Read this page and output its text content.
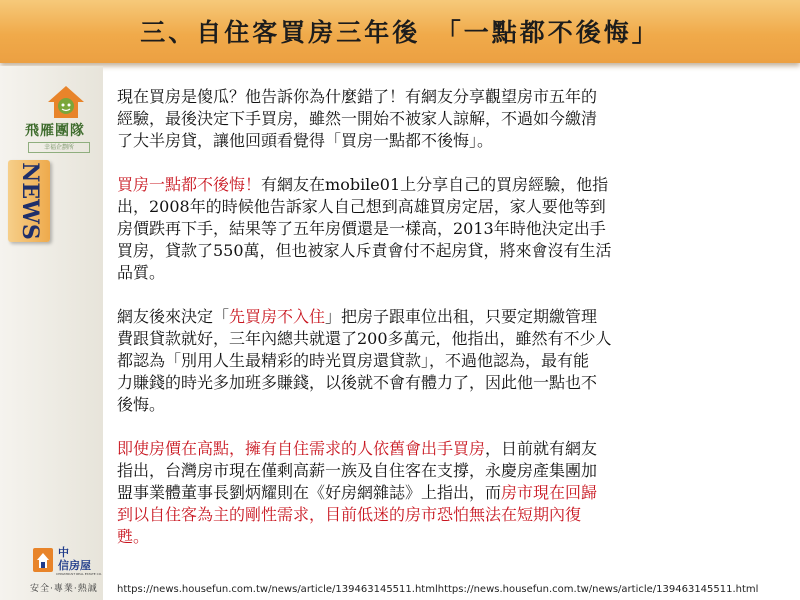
三、自住客買房三年後　「一點都不後悔」
飛雁團隊
幸福企劃所
NEWS

現在買房是傻瓜？他告訴你為什麼錯了！有網友分享觀望房市五年的
經驗，最後決定下手買房，雖然一開始不被家人諒解，不過如今繳清
了大半房貸，讓他回頭看覺得「買房一點都不後悔」。

買房一點都不後悔！有網友在mobile01上分享自己的買房經驗，他指
出，2008年的時候他告訴家人自己想到高雄買房定居，家人要他等到
房價跌再下手，結果等了五年房價還是一樣高，2013年時他決定出手
買房，貸款了550萬，但也被家人斥責會付不起房貸，將來會沒有生活
品質。

網友後來決定「先買房不入住」把房子跟車位出租，只要定期繳管理
費跟貸款就好，三年內總共就還了200多萬元，他指出，雖然有不少人
都認為「別用人生最精彩的時光買房還貸款」，不過他認為，最有能
力賺錢的時光多加班多賺錢，以後就不會有體力了，因此他一點也不
後悔。

即使房價在高點，擁有自住需求的人依舊會出手買房，日前就有網友
指出，台灣房市現在僅剩高薪一族及自住客在支撐，永慶房產集團加
盟事業體董事長劉炳耀則在《好房網雜誌》上指出，而房市現在回歸
到以自住客為主的剛性需求，目前低迷的房市恐怕無法在短期內復
甦。

中
信房屋
CHINATRUST REAL ESTATE CO.
安全‧專業‧熱誠 https://news.housefun.com.tw/news/article/139463145511.htmlhttps://news.housefun.com.tw/news/article/139463145511.html
